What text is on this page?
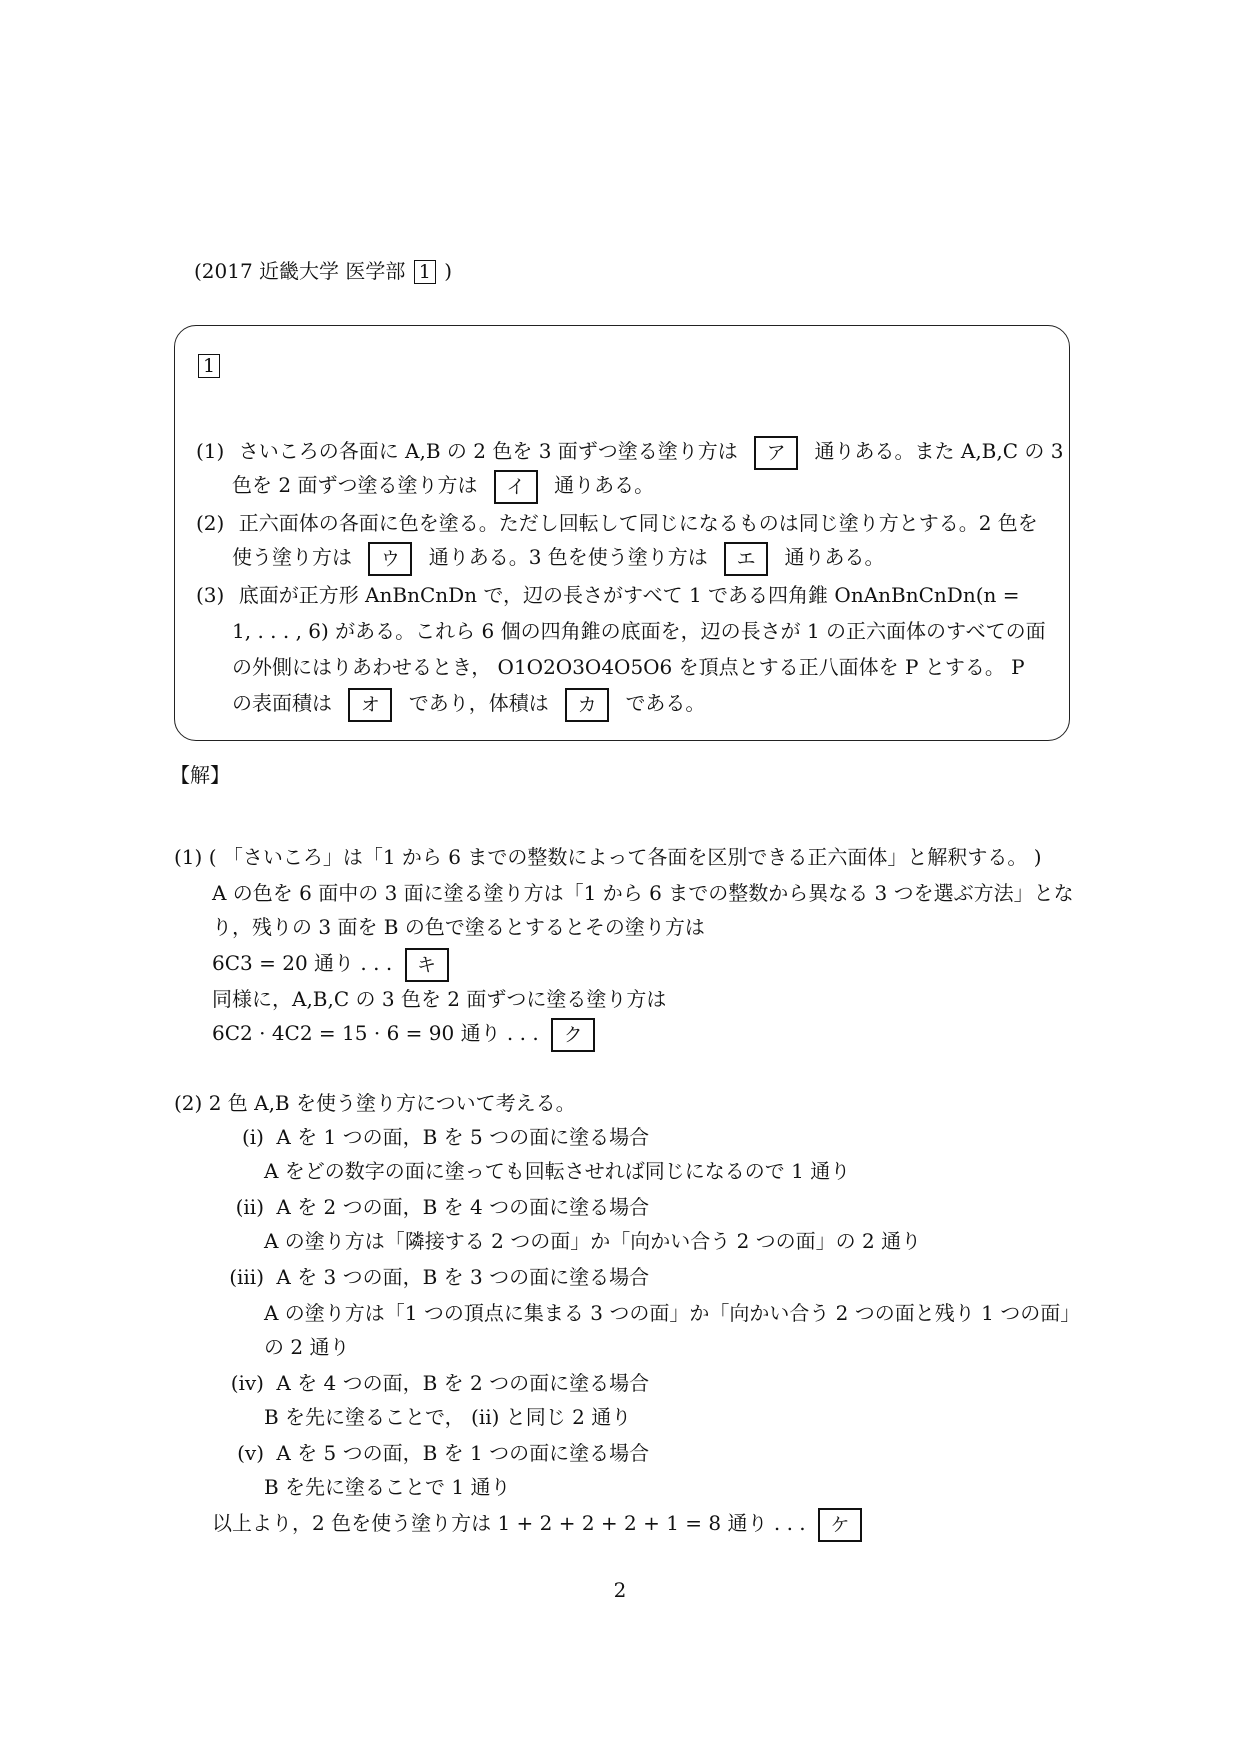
(2017 近畿大学 医学部 1 )
1
(1) さいころの各面に A,B の 2 色を 3 面ずつ塗る塗り方は ア 通りある。また A,B,C の 3
色を 2 面ずつ塗る塗り方は イ 通りある。
(2) 正六面体の各面に色を塗る。ただし回転して同じになるものは同じ塗り方とする。2 色を
使う塗り方は ウ 通りある。3 色を使う塗り方は エ 通りある。
(3) 底面が正方形 AnBnCnDn で，辺の長さがすべて 1 である四角錐 OnAnBnCnDn(n =
1, . . . , 6) がある。これら 6 個の四角錐の底面を，辺の長さが 1 の正六面体のすべての面
の外側にはりあわせるとき， O1O2O3O4O5O6 を頂点とする正八面体を P とする。 P
の表面積は オ であり，体積は カ である。
【解】
(1) ( 「さいころ」は「1 から 6 までの整数によって各面を区別できる正六面体」と解釈する。 )
A の色を 6 面中の 3 面に塗る塗り方は「1 から 6 までの整数から異なる 3 つを選ぶ方法」とな
り，残りの 3 面を B の色で塗るとするとその塗り方は
6C3 = 20 通り . . . キ
同様に，A,B,C の 3 色を 2 面ずつに塗る塗り方は
6C2 · 4C2 = 15 · 6 = 90 通り . . . ク
(2) 2 色 A,B を使う塗り方について考える。
(i) A を 1 つの面，B を 5 つの面に塗る場合
A をどの数字の面に塗っても回転させれば同じになるので 1 通り
(ii) A を 2 つの面，B を 4 つの面に塗る場合
A の塗り方は「隣接する 2 つの面」か「向かい合う 2 つの面」の 2 通り
(iii) A を 3 つの面，B を 3 つの面に塗る場合
A の塗り方は「1 つの頂点に集まる 3 つの面」か「向かい合う 2 つの面と残り 1 つの面」
の 2 通り
(iv) A を 4 つの面，B を 2 つの面に塗る場合
B を先に塗ることで， (ii) と同じ 2 通り
(v) A を 5 つの面，B を 1 つの面に塗る場合
B を先に塗ることで 1 通り
以上より，2 色を使う塗り方は 1 + 2 + 2 + 2 + 1 = 8 通り . . . ケ
2
